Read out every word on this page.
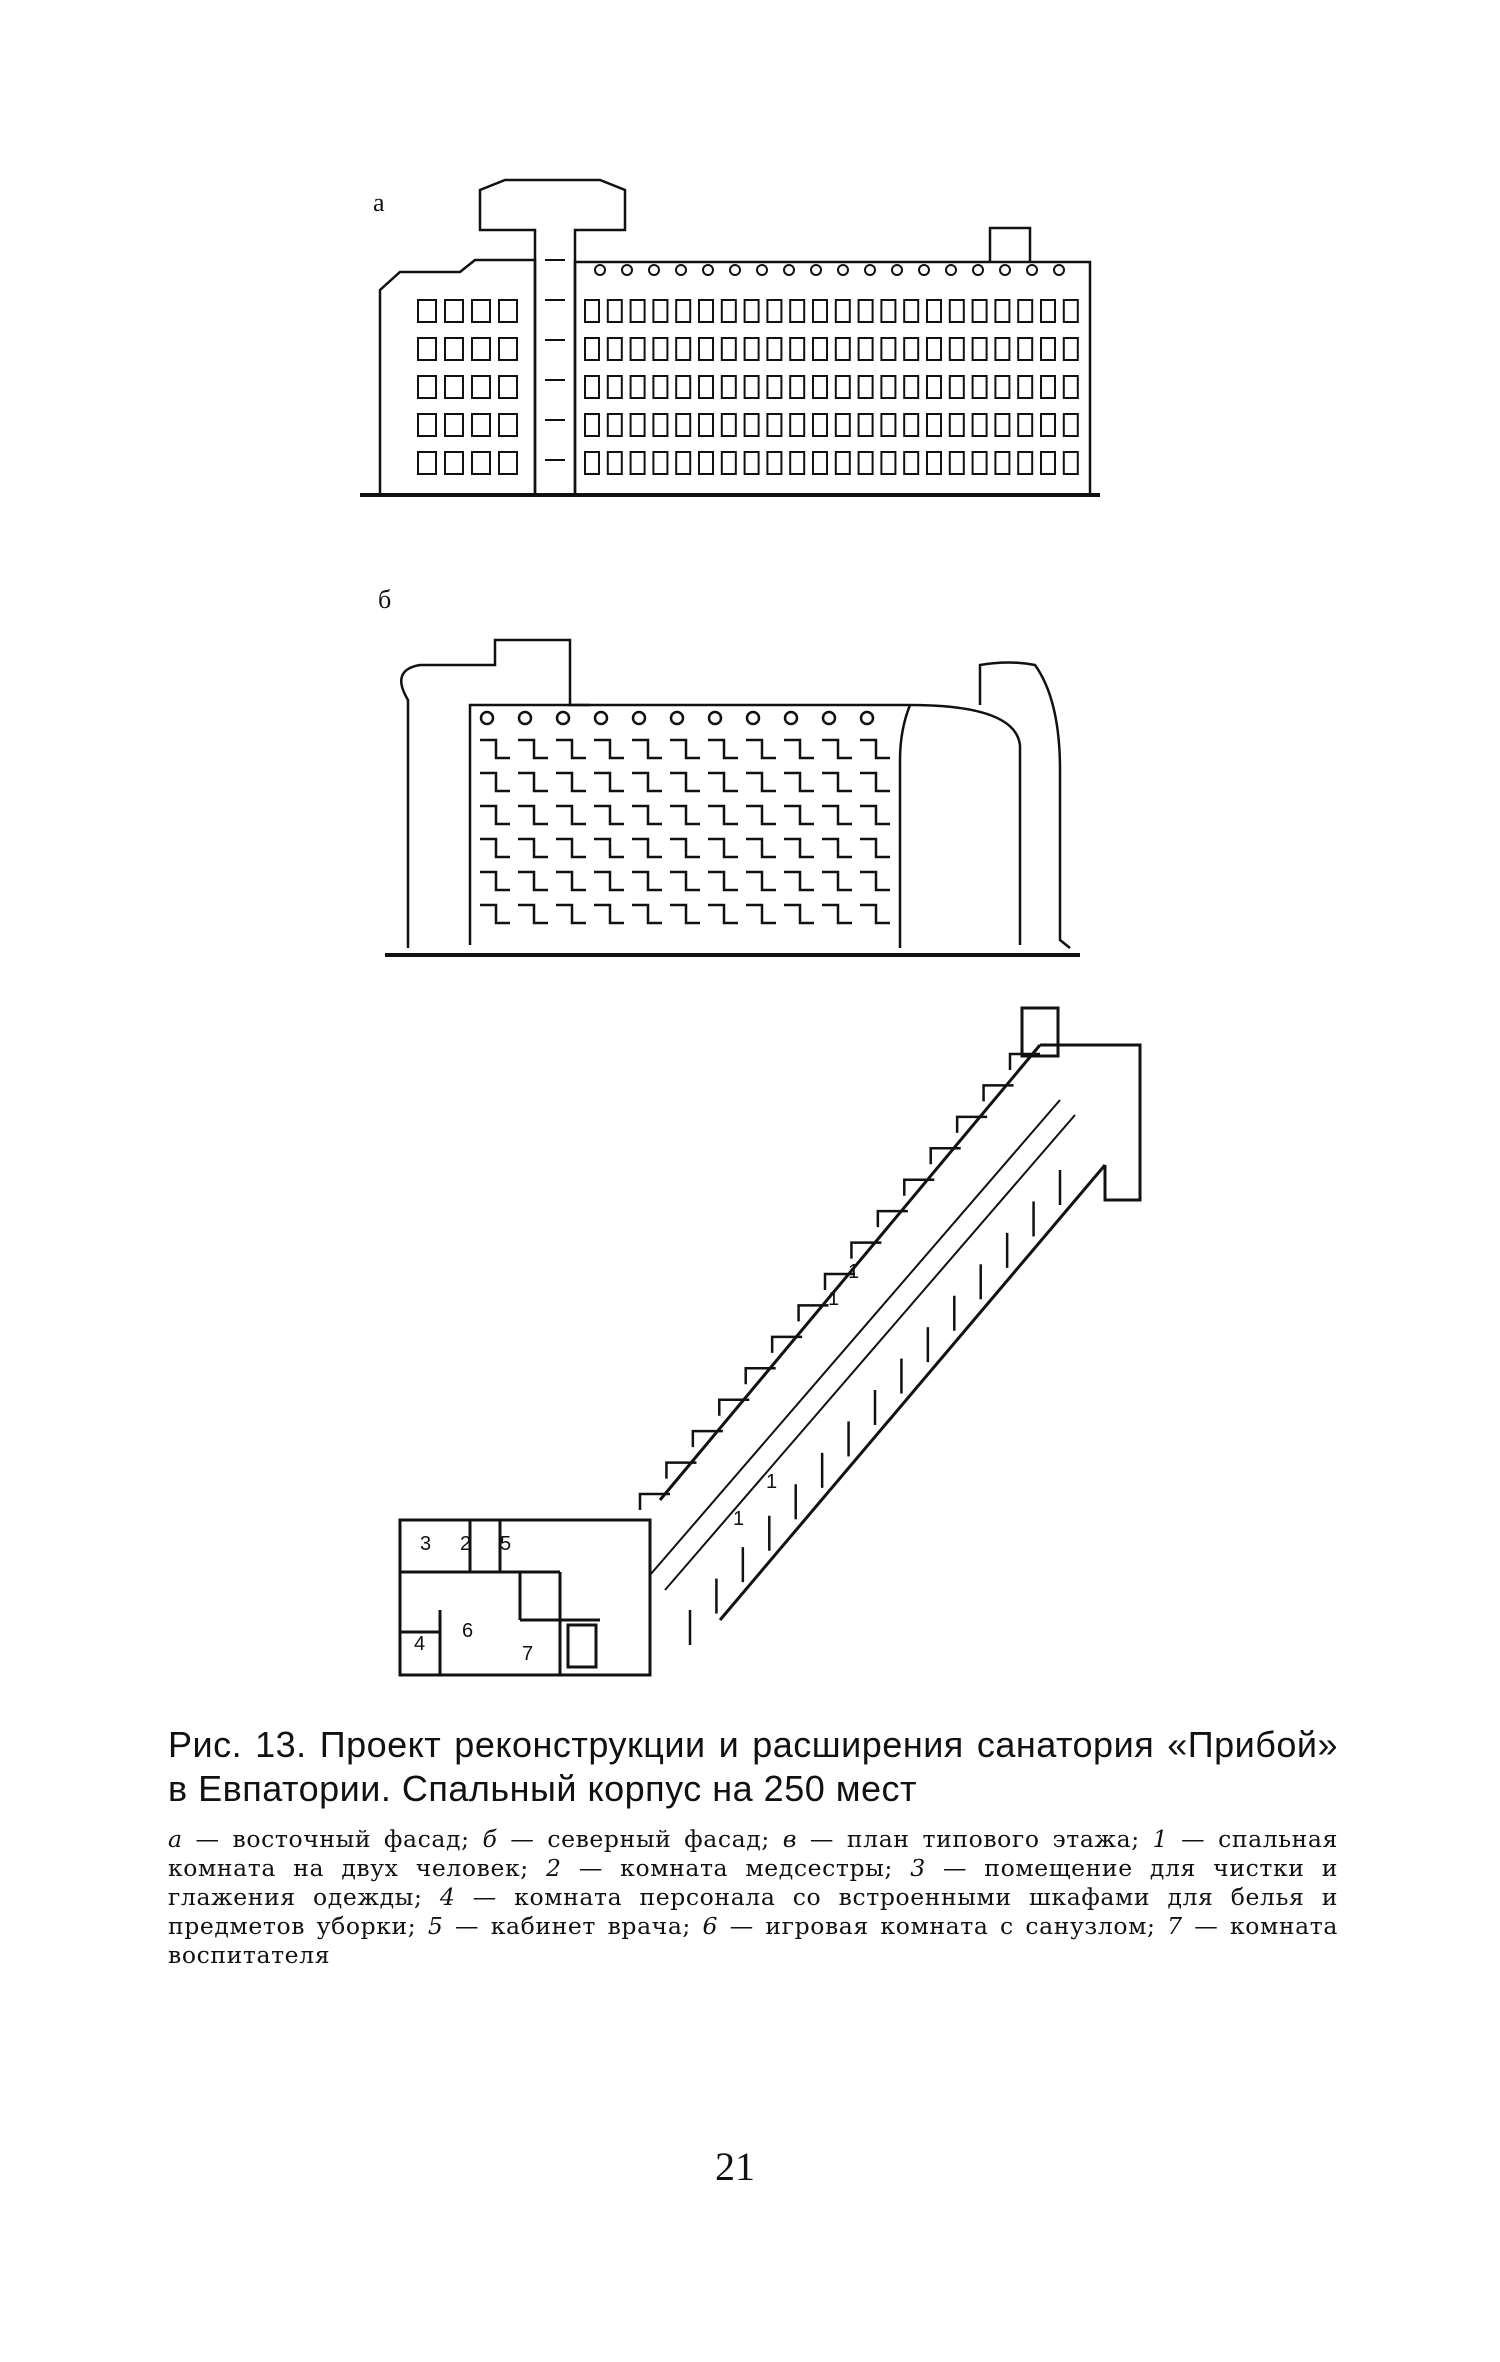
3 2 5
6
4	7
1
1
1
1
а
б
Рис. 13. Проект реконструкции и расширения санатория «Прибой» в Евпатории. Спальный корпус на 250 мест
а — восточный фасад; б — северный фасад; в — план типового этажа; 1 — спальная комната на двух человек; 2 — комната медсестры; 3 — помещение для чистки и глажения одежды; 4 — комната персонала со встроенными шкафами для белья и предметов уборки; 5 — кабинет врача; 6 — игровая комната с санузлом; 7 — комната воспитателя
21
